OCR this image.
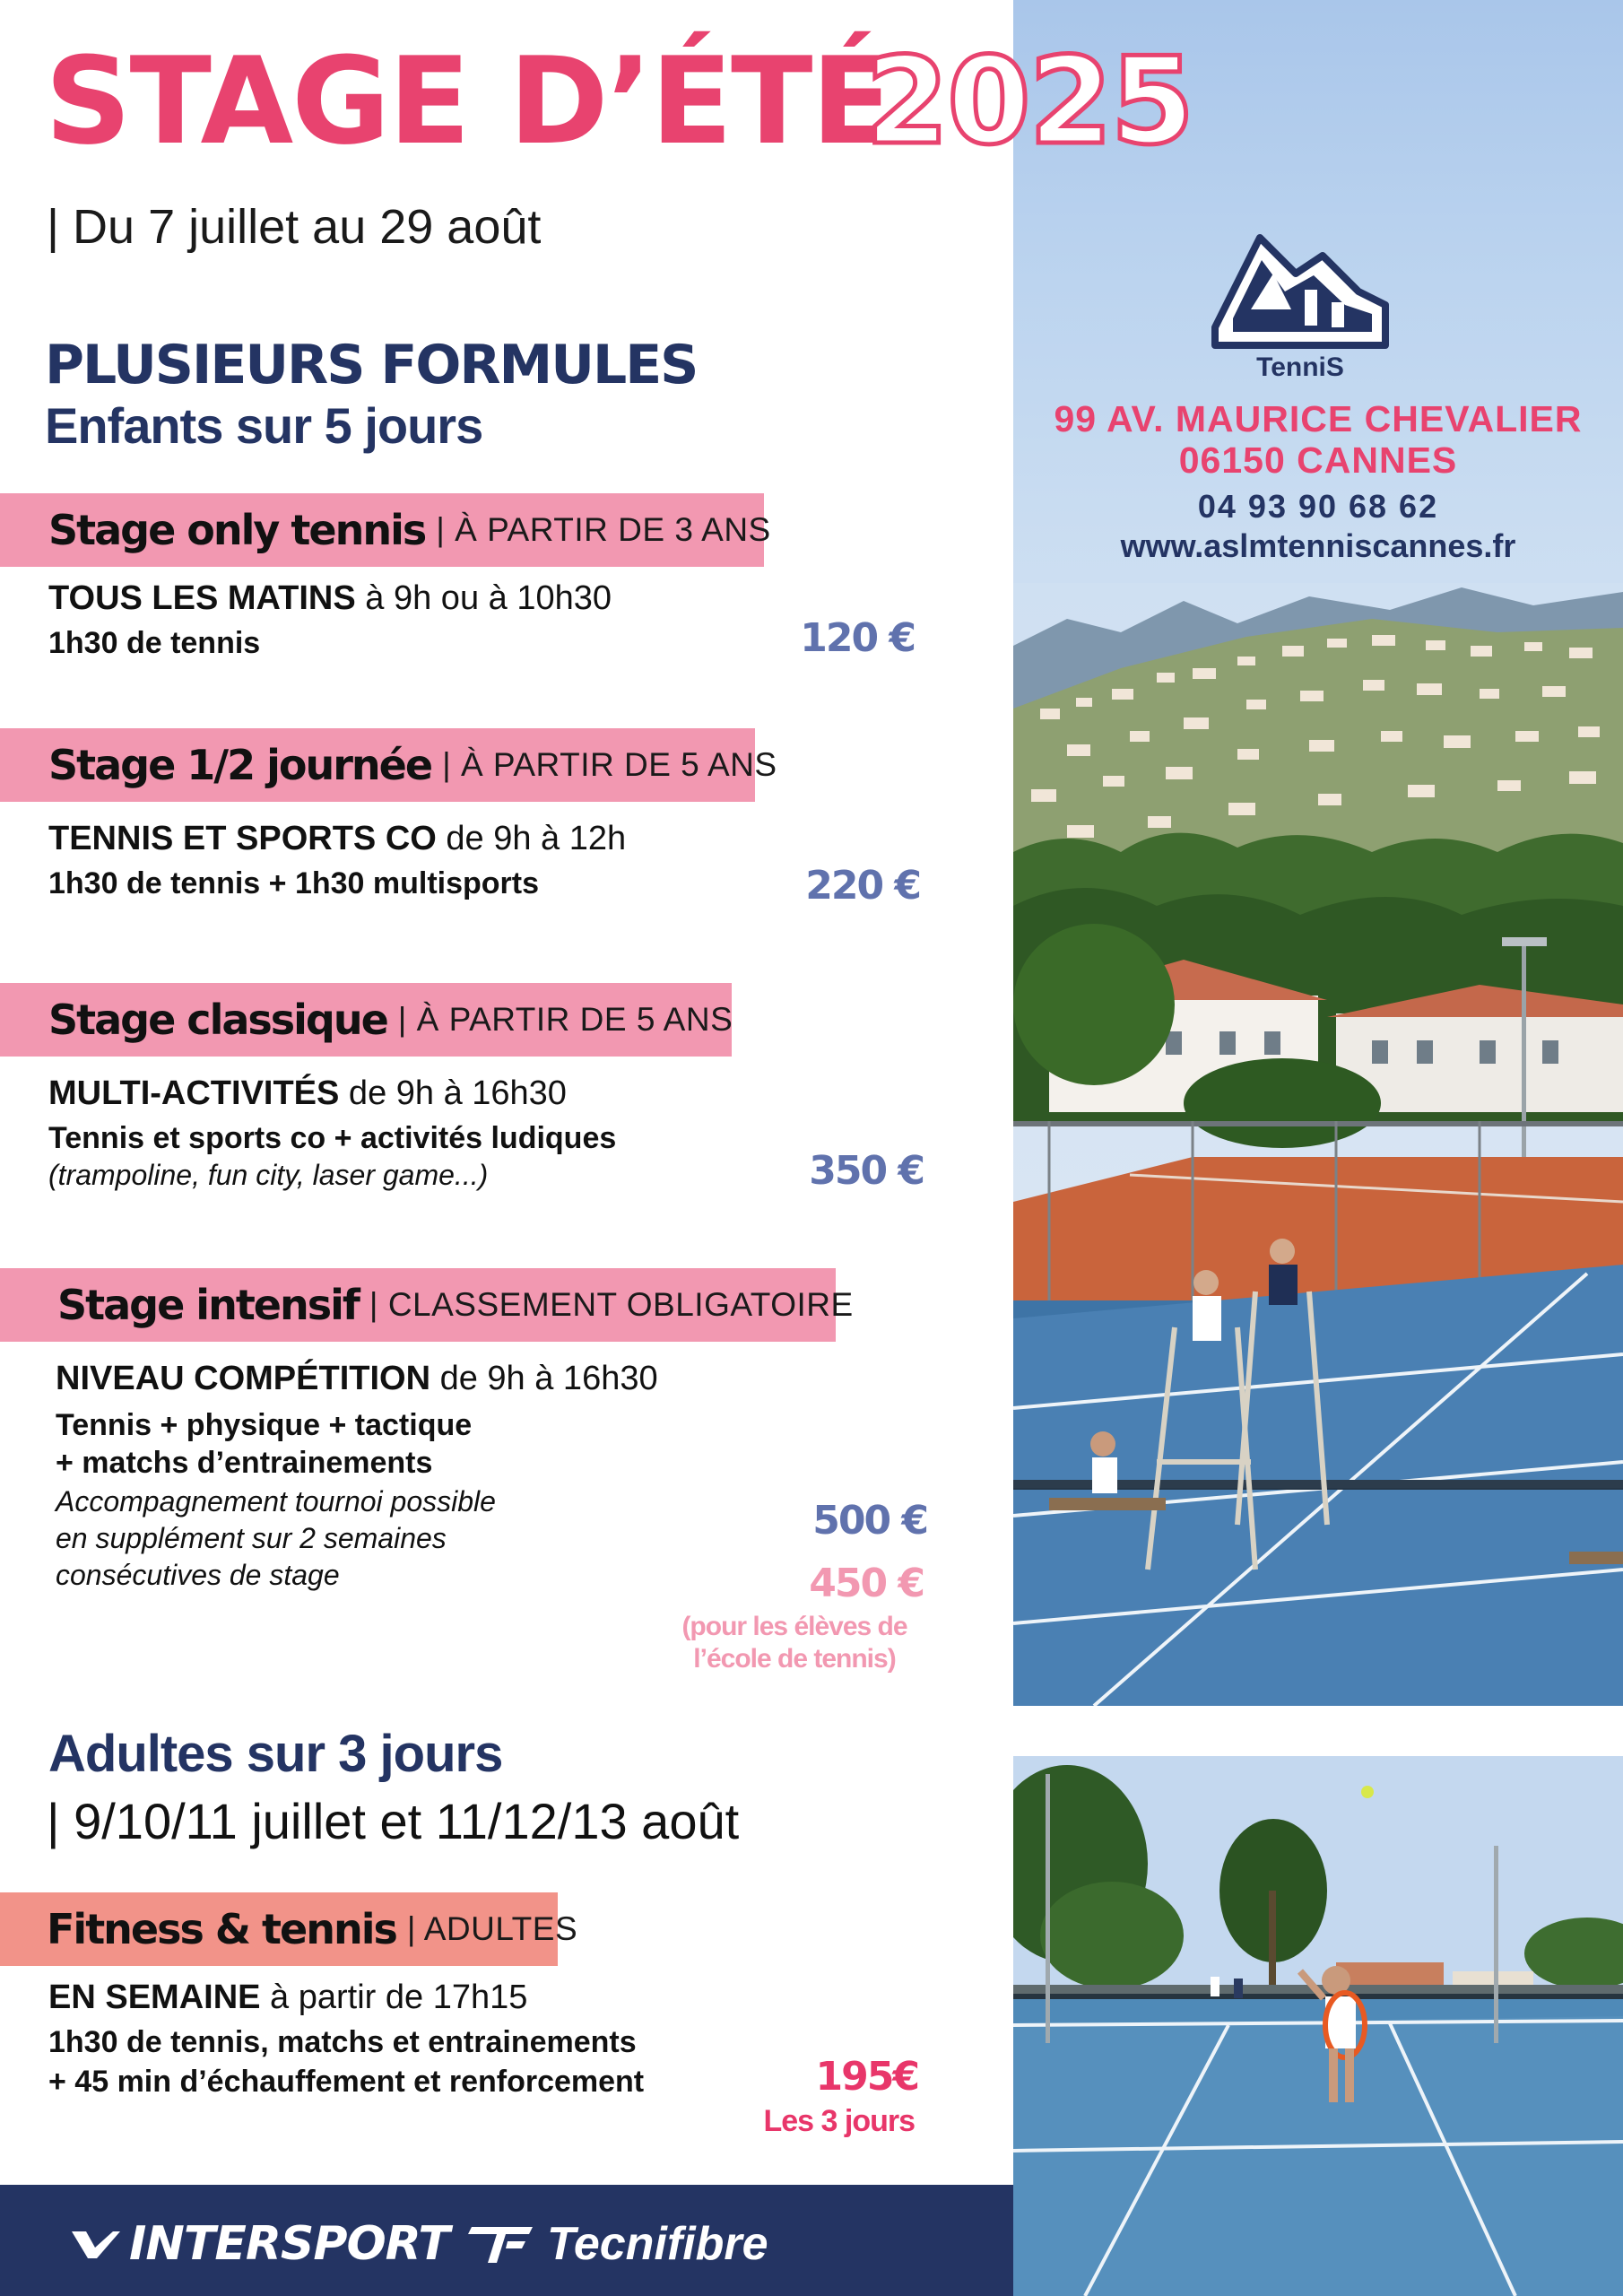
TenniS
99 AV. MAURICE CHEVALIER
06150 CANNES
04 93 90 68 62
www.aslmtenniscannes.fr
STAGE D’ÉTÉ
2025
| Du 7 juillet au 29 août
PLUSIEURS FORMULES
Enfants sur 5 jours
Stage only tennis | À PARTIR DE 3 ANS
TOUS LES MATINS à 9h ou à 10h30
1h30 de tennis	120 €
Stage 1/2 journée | À PARTIR DE 5 ANS
TENNIS ET SPORTS CO de 9h à 12h
1h30 de tennis + 1h30 multisports	220 €
Stage classique | À PARTIR DE 5 ANS
MULTI-ACTIVITÉS de 9h à 16h30
Tennis et sports co + activités ludiques
(trampoline, fun city, laser game...)	350 €
Stage intensif | CLASSEMENT OBLIGATOIRE
NIVEAU COMPÉTITION de 9h à 16h30
Tennis + physique + tactique
+ matchs d’entrainements
Accompagnement tournoi possible
en supplément sur 2 semaines
consécutives de stage
500 €
450 €
(pour les élèves de
l’école de tennis)
Adultes sur 3 jours
| 9/10/11 juillet et 11/12/13 août
Fitness & tennis | ADULTES
EN SEMAINE à partir de 17h15
1h30 de tennis, matchs et entrainements
+ 45 min d’échauffement et renforcement	195€
Les 3 jours
INTER SPORT Tecnifibre
